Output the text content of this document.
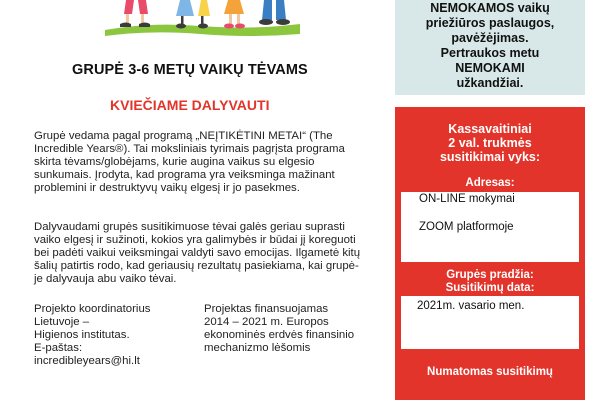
GRUPĖ 3-6 METŲ VAIKŲ TĖVAMS
KVIEČIAME DALYVAUTI
Grupė vedama pagal programą „NEĮTIKĖTINI METAI“ (The
Incredible Years®). Tai moksliniais tyrimais pagrįsta programa
skirta tėvams/globėjams, kurie augina vaikus su elgesio
sunkumais. Įrodyta, kad programa yra veiksminga mažinant
problemini ir destruktyvų vaikų elgesį ir jo pasekmes.
Dalyvaudami grupės susitikimuose tėvai galės geriau suprasti
vaiko elgesį ir sužinoti, kokios yra galimybės ir būdai jį koreguoti
bei padėti vaikui veiksmingai valdyti savo emocijas. Ilgametė kitų
šalių patirtis rodo, kad geriausių rezultatų pasiekiama, kai grupė-
je dalyvauja abu vaiko tėvai.
Projekto koordinatorius
Lietuvoje –
Higienos institutas.
E-paštas:
incredibleyears@hi.lt
Projektas finansuojamas
2014 – 2021 m. Europos
ekonominės erdvės finansinio
mechanizmo lėšomis
NEMOKAMOS vaikų
priežiūros paslaugos,
pavėžėjimas.
Pertraukos metu
NEMOKAMI
užkandžiai.
Kassavaitiniai
2 val. trukmės
susitikimai vyks:
Adresas:
ON-LINE mokymai
ZOOM platformoje
Grupės pradžia:
Susitikimų data:
2021m. vasario men.
Numatomas susitikimų
